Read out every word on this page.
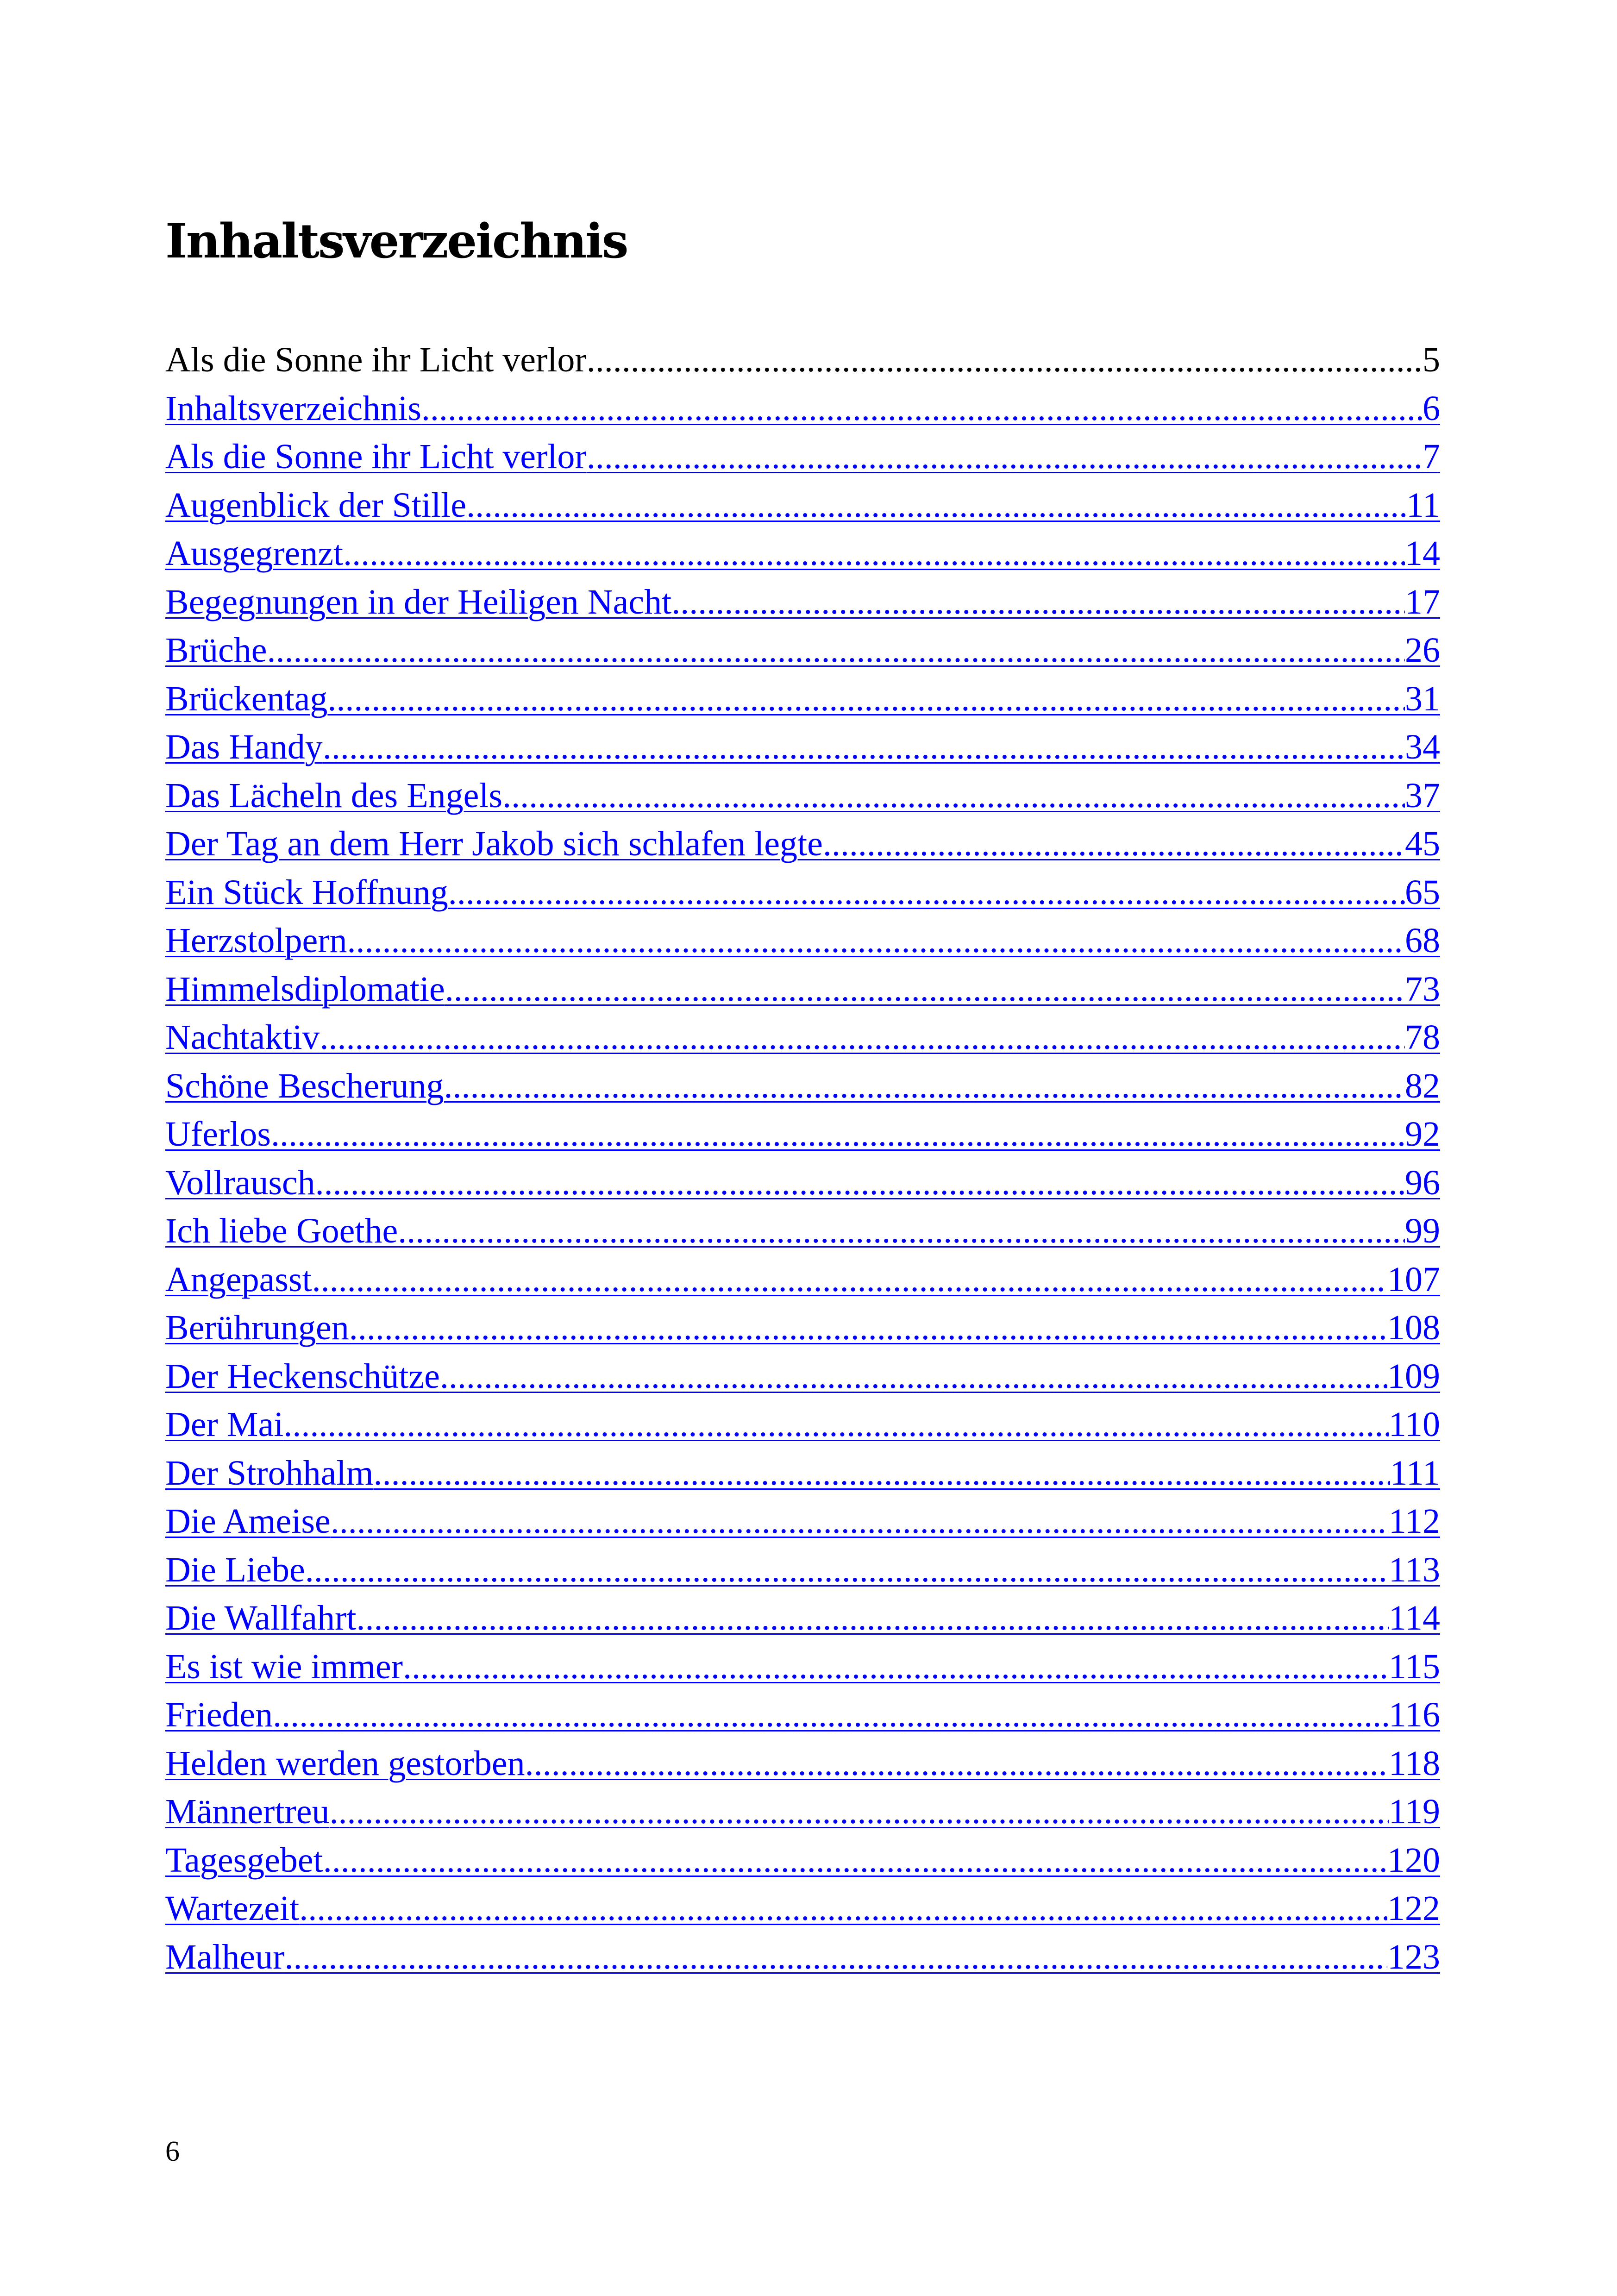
Inhaltsverzeichnis
Als die Sonne ihr Licht verlor .....	5
Inhaltsverzeichnis .....	6
Als die Sonne ihr Licht verlor .....	7
Augenblick der Stille .....	11
Ausgegrenzt .....	14
Begegnungen in der Heiligen Nacht .....	17
Brüche .....	26
Brückentag .....	31
Das Handy .....	34
Das Lächeln des Engels .....	37
Der Tag an dem Herr Jakob sich schlafen legte .....	45
Ein Stück Hoffnung .....	65
Herzstolpern .....	68
Himmelsdiplomatie .....	73
Nachtaktiv .....	78
Schöne Bescherung .....	82
Uferlos .....	92
Vollrausch .....	96
Ich liebe Goethe .....	99
Angepasst .....	107
Berührungen .....	108
Der Heckenschütze .....	109
Der Mai .....	110
Der Strohhalm .....	111
Die Ameise .....	112
Die Liebe .....	113
Die Wallfahrt .....	114
Es ist wie immer .....	115
Frieden .....	116
Helden werden gestorben .....	118
Männertreu .....	119
Tagesgebet .....	120
Wartezeit .....	122
Malheur .....	123
6
